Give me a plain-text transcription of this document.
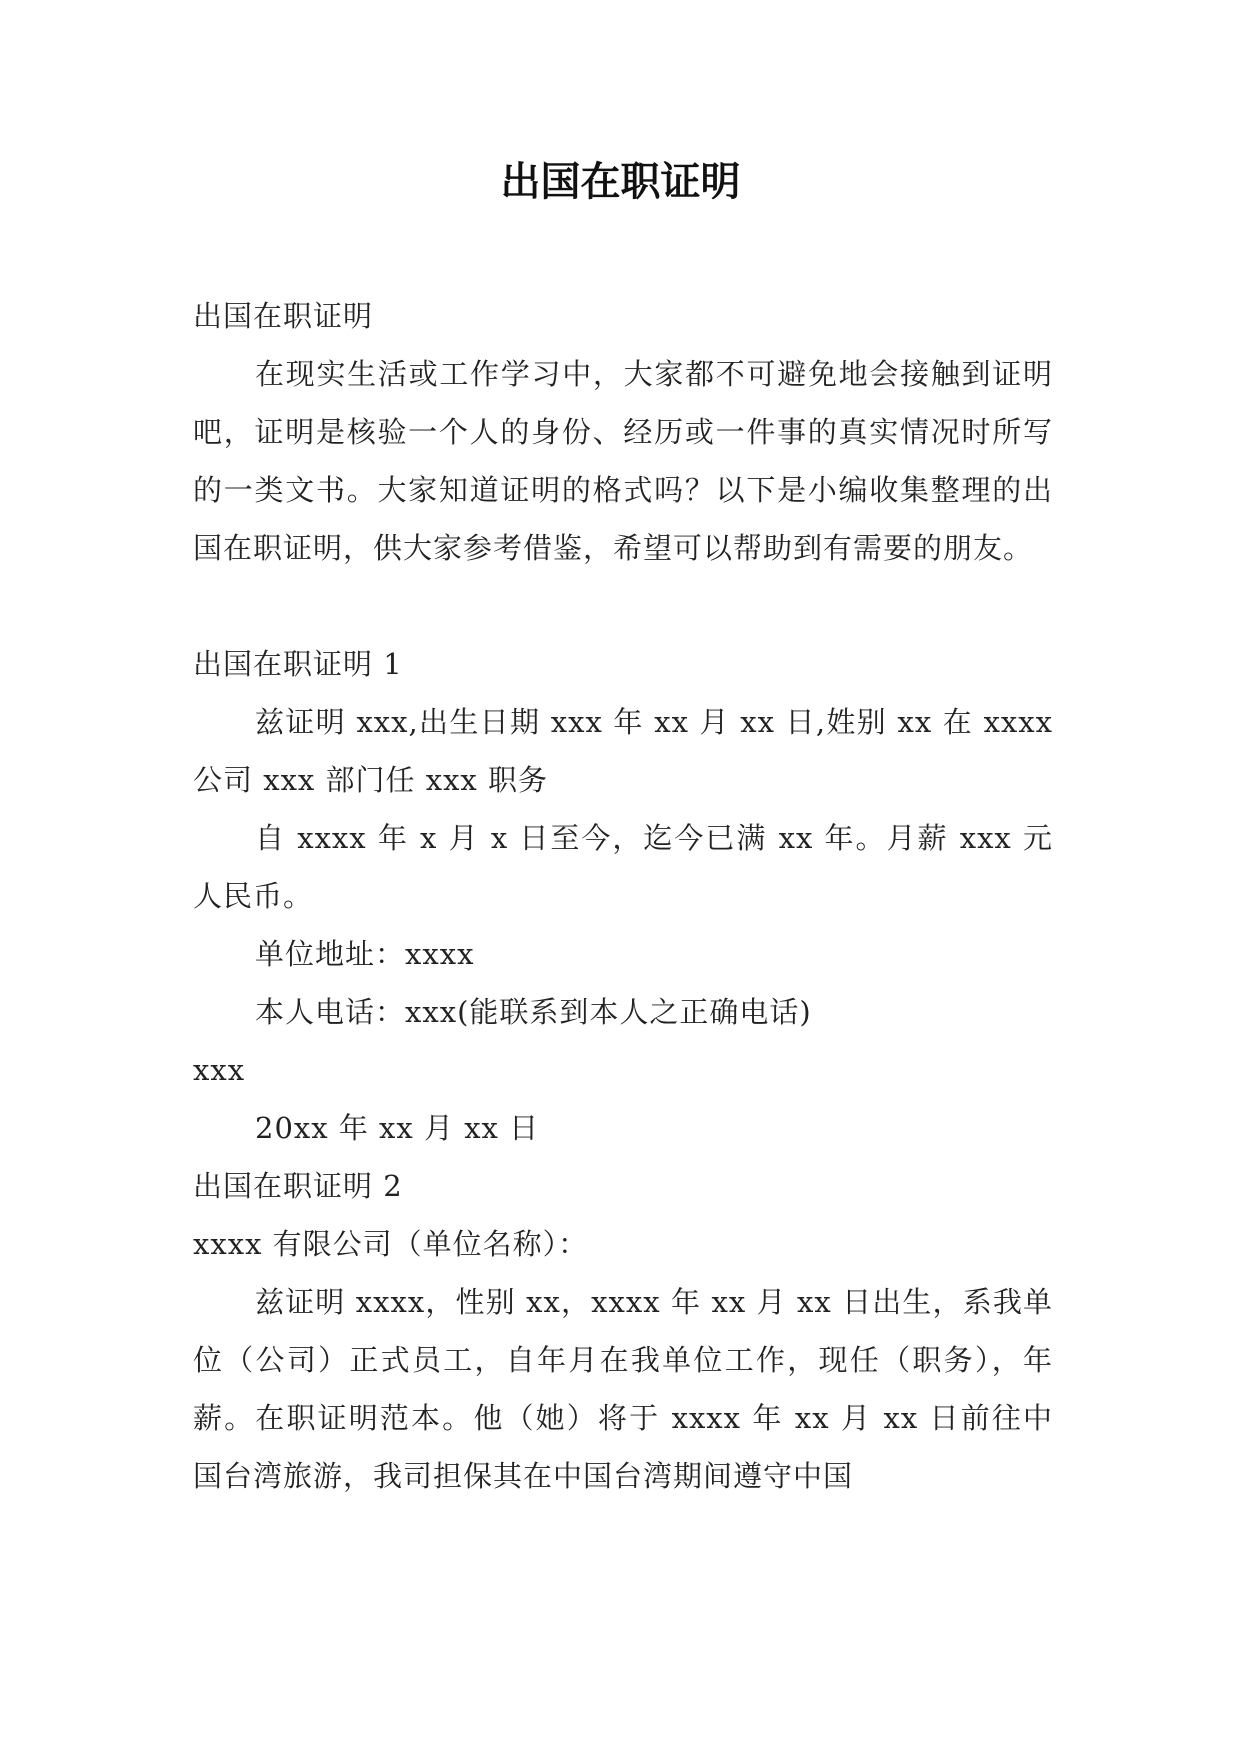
出国在职证明

出国在职证明

在现实生活或工作学习中，大家都不可避免地会接触到证明吧，证明是核验一个人的身份、经历或一件事的真实情况时所写的一类文书。大家知道证明的格式吗？以下是小编收集整理的出国在职证明，供大家参考借鉴，希望可以帮助到有需要的朋友。

出国在职证明 1

兹证明 xxx,出生日期 xxx 年 xx 月 xx 日,姓别 xx 在 xxxx 公司 xxx 部门任 xxx 职务

自 xxxx 年 x 月 x 日至今，迄今已满 xx 年。月薪 xxx 元人民币。

单位地址：xxxx

本人电话：xxx(能联系到本人之正确电话)

xxx

20xx 年 xx 月 xx 日

出国在职证明 2

xxxx 有限公司（单位名称）：

兹证明 xxxx，性别 xx，xxxx 年 xx 月 xx 日出生，系我单位（公司）正式员工，自年月在我单位工作，现任（职务），年薪。在职证明范本。他（她）将于 xxxx 年 xx 月 xx 日前往中国台湾旅游，我司担保其在中国台湾期间遵守中国
